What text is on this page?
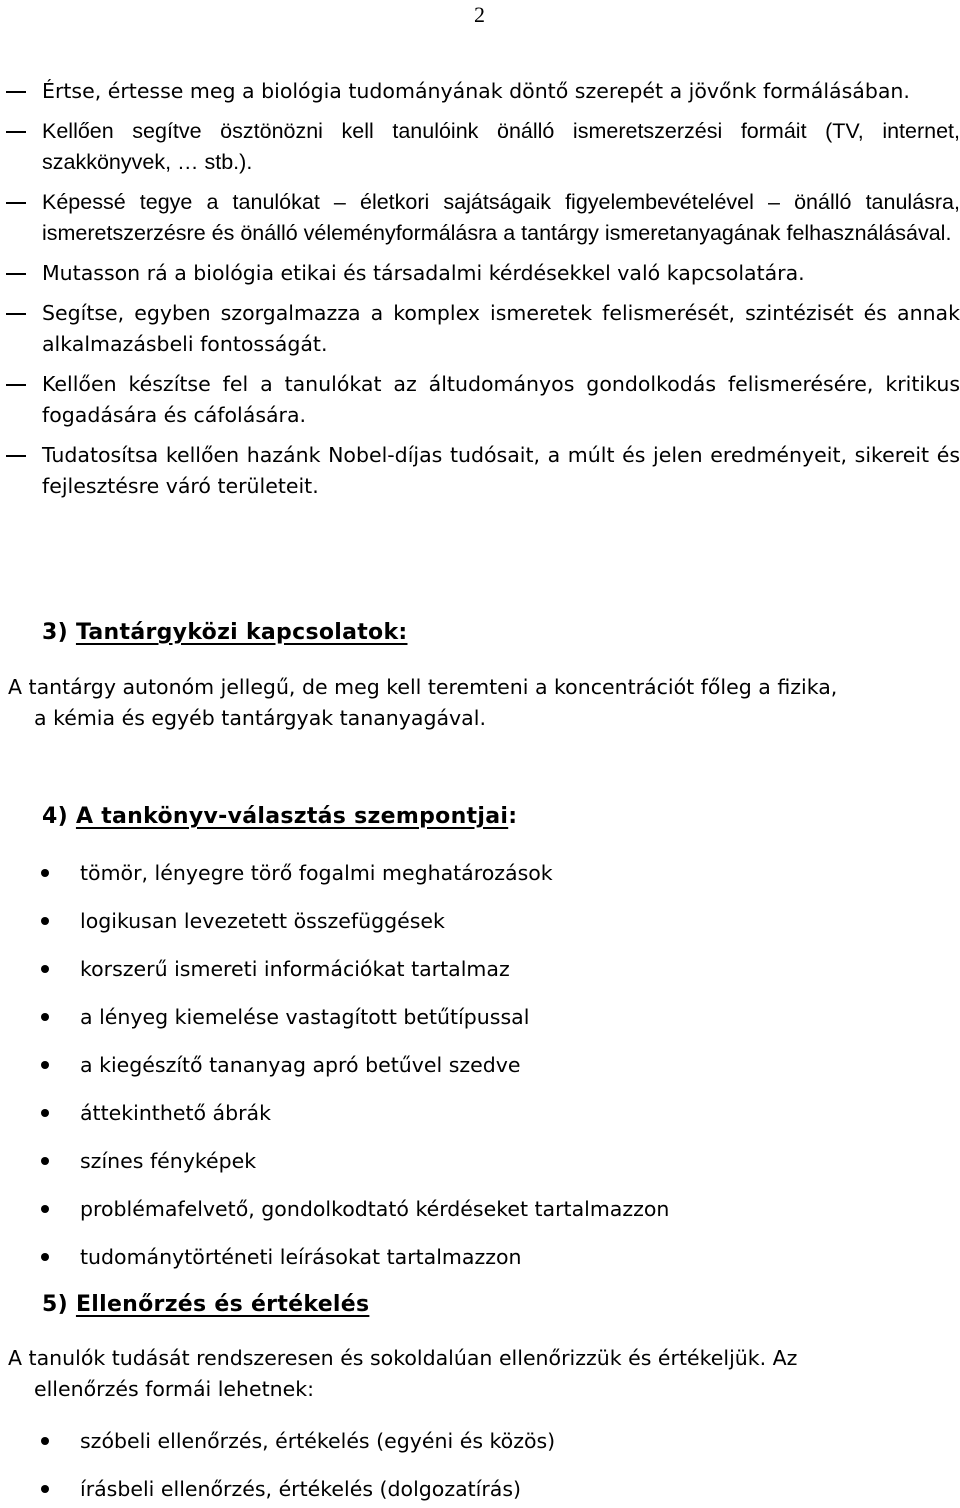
2
Értse, értesse meg a biológia tudományának döntő szerepét a jövőnk formálásában.
Kellően segítve ösztönözni kell tanulóink önálló ismeretszerzési formáit (TV, internet, szakkönyvek, … stb.).
Képessé tegye a tanulókat – életkori sajátságaik figyelembevételével – önálló tanulásra, ismeretszerzésre és önálló véleményformálásra a tantárgy ismeretanyagának felhasználásával.
Mutasson rá a biológia etikai és társadalmi kérdésekkel való kapcsolatára.
Segítse, egyben szorgalmazza a komplex ismeretek felismerését, szintézisét és annak alkalmazásbeli fontosságát.
Kellően készítse fel a tanulókat az áltudományos gondolkodás felismerésére, kritikus fogadására és cáfolására.
Tudatosítsa kellően hazánk Nobel-díjas tudósait, a múlt és jelen eredményeit, sikereit és fejlesztésre váró területeit.
3) Tantárgyközi kapcsolatok:
A tantárgy autonóm jellegű, de meg kell teremteni a koncentrációt főleg a fizika,
a kémia és egyéb tantárgyak tananyagával.
4) A tankönyv-választás szempontjai:
tömör, lényegre törő fogalmi meghatározások
logikusan levezetett összefüggések
korszerű ismereti információkat tartalmaz
a lényeg kiemelése vastagított betűtípussal
a kiegészítő tananyag apró betűvel szedve
áttekinthető ábrák
színes fényképek
problémafelvető, gondolkodtató kérdéseket tartalmazzon
tudománytörténeti leírásokat tartalmazzon
5) Ellenőrzés és értékelés
A tanulók tudását rendszeresen és sokoldalúan ellenőrizzük és értékeljük. Az
ellenőrzés formái lehetnek:
szóbeli ellenőrzés, értékelés (egyéni és közös)
írásbeli ellenőrzés, értékelés (dolgozatírás)
